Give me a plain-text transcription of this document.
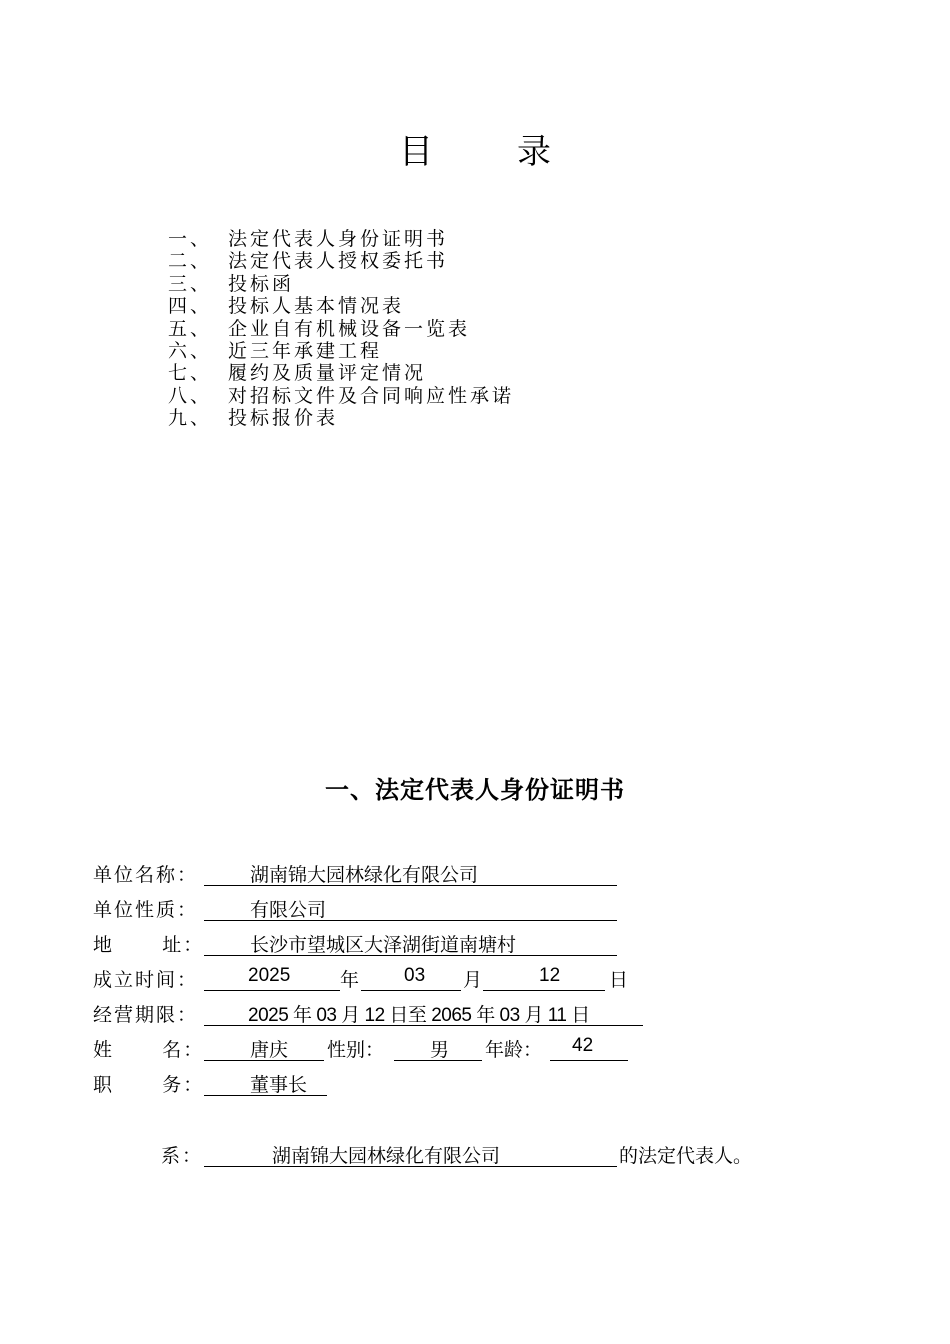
目 录
一、 法定代表人身份证明书
二、 法定代表人授权委托书
三、 投标函
四、 投标人基本情况表
五、 企业自有机械设备一览表
六、 近三年承建工程
七、 履约及质量评定情况
八、 对招标文件及合同响应性承诺
九、 投标报价表
一、法定代表人身份证明书
单位名称：	湖南锦大园林绿化有限公司
单位性质：	有限公司
地      址： 长沙市望城区大泽湖街道南塘村
成立时间：	2025	年 03 月	12	日
经营期限：	2025 年 03 月 12 日至 2065 年 03 月 11 日
姓      名： 唐庆 性别： 男 年龄： 42
职      务： 董事长
系：	湖南锦大园林绿化有限公司	的法定代表人。
